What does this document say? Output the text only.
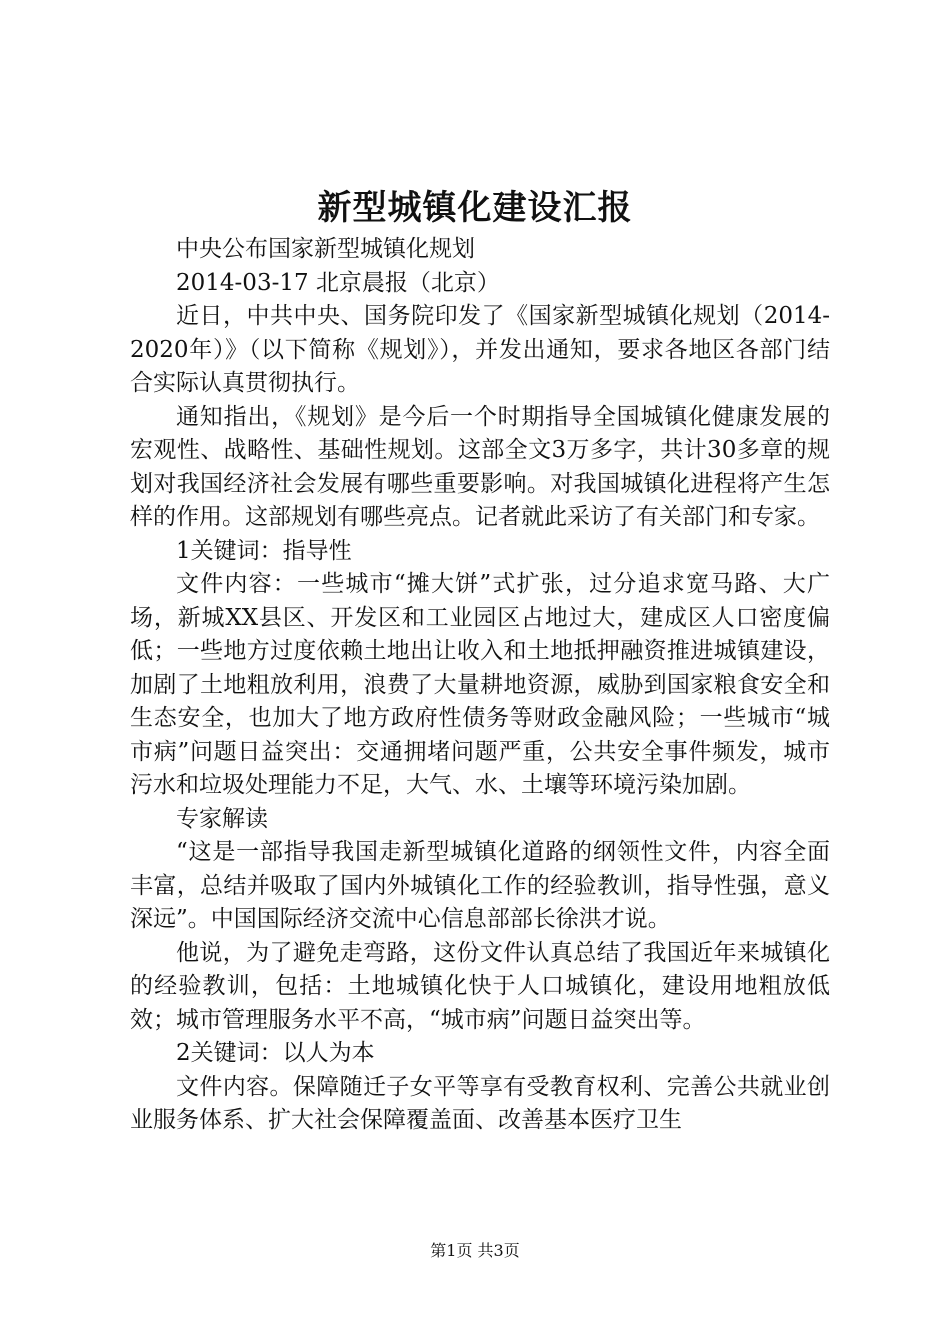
新型城镇化建设汇报

中央公布国家新型城镇化规划

2014-03-17 北京晨报（北京）

近日，中共中央、国务院印发了《国家新型城镇化规划（2014-2020年）》（以下简称《规划》），并发出通知，要求各地区各部门结合实际认真贯彻执行。

通知指出，《规划》是今后一个时期指导全国城镇化健康发展的宏观性、战略性、基础性规划。这部全文3万多字，共计30多章的规划对我国经济社会发展有哪些重要影响。对我国城镇化进程将产生怎样的作用。这部规划有哪些亮点。记者就此采访了有关部门和专家。

1关键词：指导性

文件内容：一些城市“摊大饼”式扩张，过分追求宽马路、大广场，新城XX县区、开发区和工业园区占地过大，建成区人口密度偏低；一些地方过度依赖土地出让收入和土地抵押融资推进城镇建设，加剧了土地粗放利用，浪费了大量耕地资源，威胁到国家粮食安全和生态安全，也加大了地方政府性债务等财政金融风险；一些城市“城市病”问题日益突出：交通拥堵问题严重，公共安全事件频发，城市污水和垃圾处理能力不足，大气、水、土壤等环境污染加剧。

专家解读

“这是一部指导我国走新型城镇化道路的纲领性文件，内容全面丰富，总结并吸取了国内外城镇化工作的经验教训，指导性强，意义深远”。中国国际经济交流中心信息部部长徐洪才说。

他说，为了避免走弯路，这份文件认真总结了我国近年来城镇化的经验教训，包括：土地城镇化快于人口城镇化，建设用地粗放低效；城市管理服务水平不高，“城市病”问题日益突出等。

2关键词：以人为本

文件内容。保障随迁子女平等享有受教育权利、完善公共就业创业服务体系、扩大社会保障覆盖面、改善基本医疗卫生

第1页 共3页
